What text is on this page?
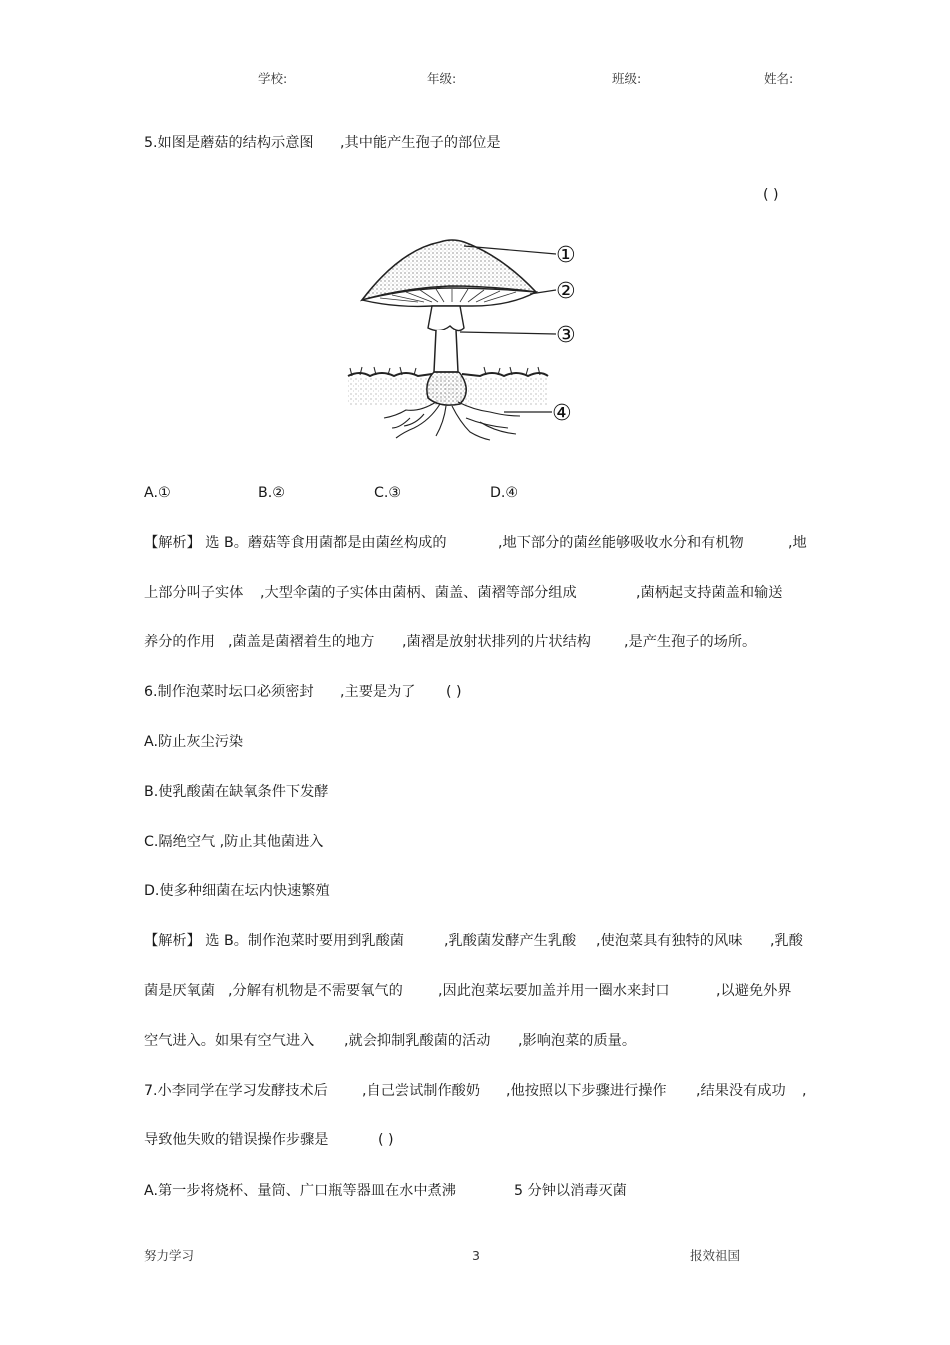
学校:	年级:	班级:	姓名:
5.如图是蘑菇的结构示意图 ,其中能产生孢子的部位是
( )
①
②
③
④
A.①	B.②	C.③	D.④
【解析】 选 B。蘑菇等食用菌都是由菌丝构成的	,地下部分的菌丝能够吸收水分和有机物	,地
上部分叫子实体 ,大型伞菌的子实体由菌柄、菌盖、菌褶等部分组成	,菌柄起支持菌盖和输送
养分的作用 ,菌盖是菌褶着生的地方 ,菌褶是放射状排列的片状结构 ,是产生孢子的场所。
6.制作泡菜时坛口必须密封 ,主要是为了 ( )
A.防止灰尘污染
B.使乳酸菌在缺氧条件下发酵
C.隔绝空气 ,防止其他菌进入
D.使多种细菌在坛内快速繁殖
【解析】 选 B。制作泡菜时要用到乳酸菌	,乳酸菌发酵产生乳酸 ,使泡菜具有独特的风味 ,乳酸
菌是厌氧菌 ,分解有机物是不需要氧气的 ,因此泡菜坛要加盖并用一圈水来封口	,以避免外界
空气进入。如果有空气进入 ,就会抑制乳酸菌的活动 ,影响泡菜的质量。
7.小李同学在学习发酵技术后 ,自己尝试制作酸奶 ,他按照以下步骤进行操作 ,结果没有成功 ,
导致他失败的错误操作步骤是	( )
A.第一步将烧杯、量筒、广口瓶等器皿在水中煮沸	5 分钟以消毒灭菌
努力学习	3	报效祖国
